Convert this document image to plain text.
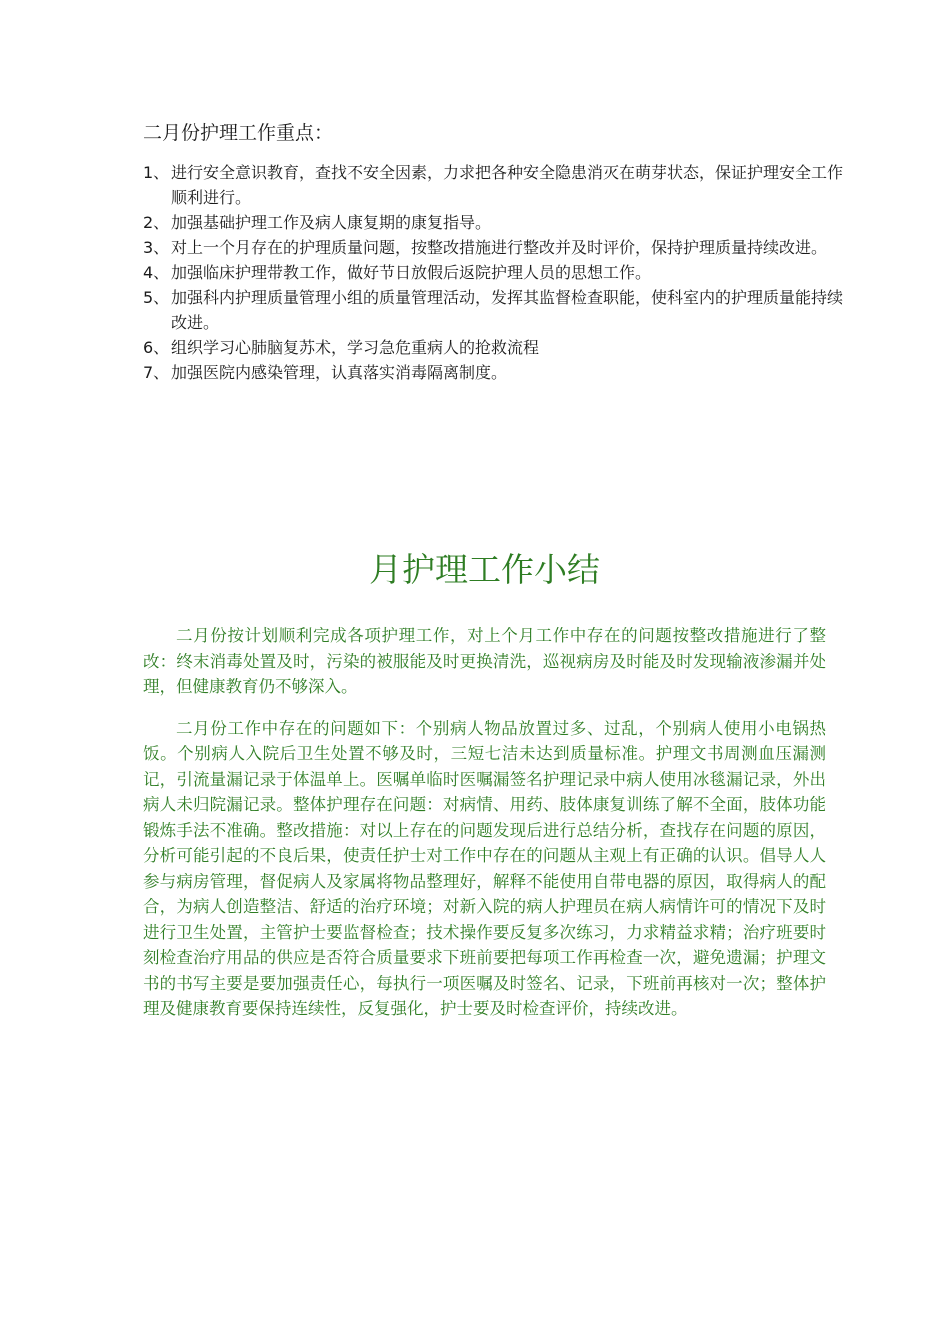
二月份护理工作重点：
1、 进行安全意识教育，查找不安全因素，力求把各种安全隐患消灭在萌芽状态，保证护理安全工作顺利进行。
2、 加强基础护理工作及病人康复期的康复指导。
3、 对上一个月存在的护理质量问题，按整改措施进行整改并及时评价，保持护理质量持续改进。
4、 加强临床护理带教工作，做好节日放假后返院护理人员的思想工作。
5、 加强科内护理质量管理小组的质量管理活动，发挥其监督检查职能，使科室内的护理质量能持续改进。
6、 组织学习心肺脑复苏术，学习急危重病人的抢救流程
7、 加强医院内感染管理，认真落实消毒隔离制度。
月护理工作小结

二月份按计划顺利完成各项护理工作，对上个月工作中存在的问题按整改措施进行了整改：终末消毒处置及时，污染的被服能及时更换清洗，巡视病房及时能及时发现输液渗漏并处理，但健康教育仍不够深入。

二月份工作中存在的问题如下：个别病人物品放置过多、过乱，个别病人使用小电锅热饭。个别病人入院后卫生处置不够及时，三短七洁未达到质量标准。护理文书周测血压漏测记，引流量漏记录于体温单上。医嘱单临时医嘱漏签名护理记录中病人使用冰毯漏记录，外出病人未归院漏记录。整体护理存在问题：对病情、用药、肢体康复训练了解不全面，肢体功能锻炼手法不准确。整改措施：对以上存在的问题发现后进行总结分析，查找存在问题的原因，分析可能引起的不良后果，使责任护士对工作中存在的问题从主观上有正确的认识。倡导人人参与病房管理，督促病人及家属将物品整理好，解释不能使用自带电器的原因，取得病人的配合，为病人创造整洁、舒适的治疗环境；对新入院的病人护理员在病人病情许可的情况下及时进行卫生处置，主管护士要监督检查；技术操作要反复多次练习，力求精益求精；治疗班要时刻检查治疗用品的供应是否符合质量要求下班前要把每项工作再检查一次，避免遗漏；护理文书的书写主要是要加强责任心，每执行一项医嘱及时签名、记录，下班前再核对一次；整体护理及健康教育要保持连续性，反复强化，护士要及时检查评价，持续改进。
